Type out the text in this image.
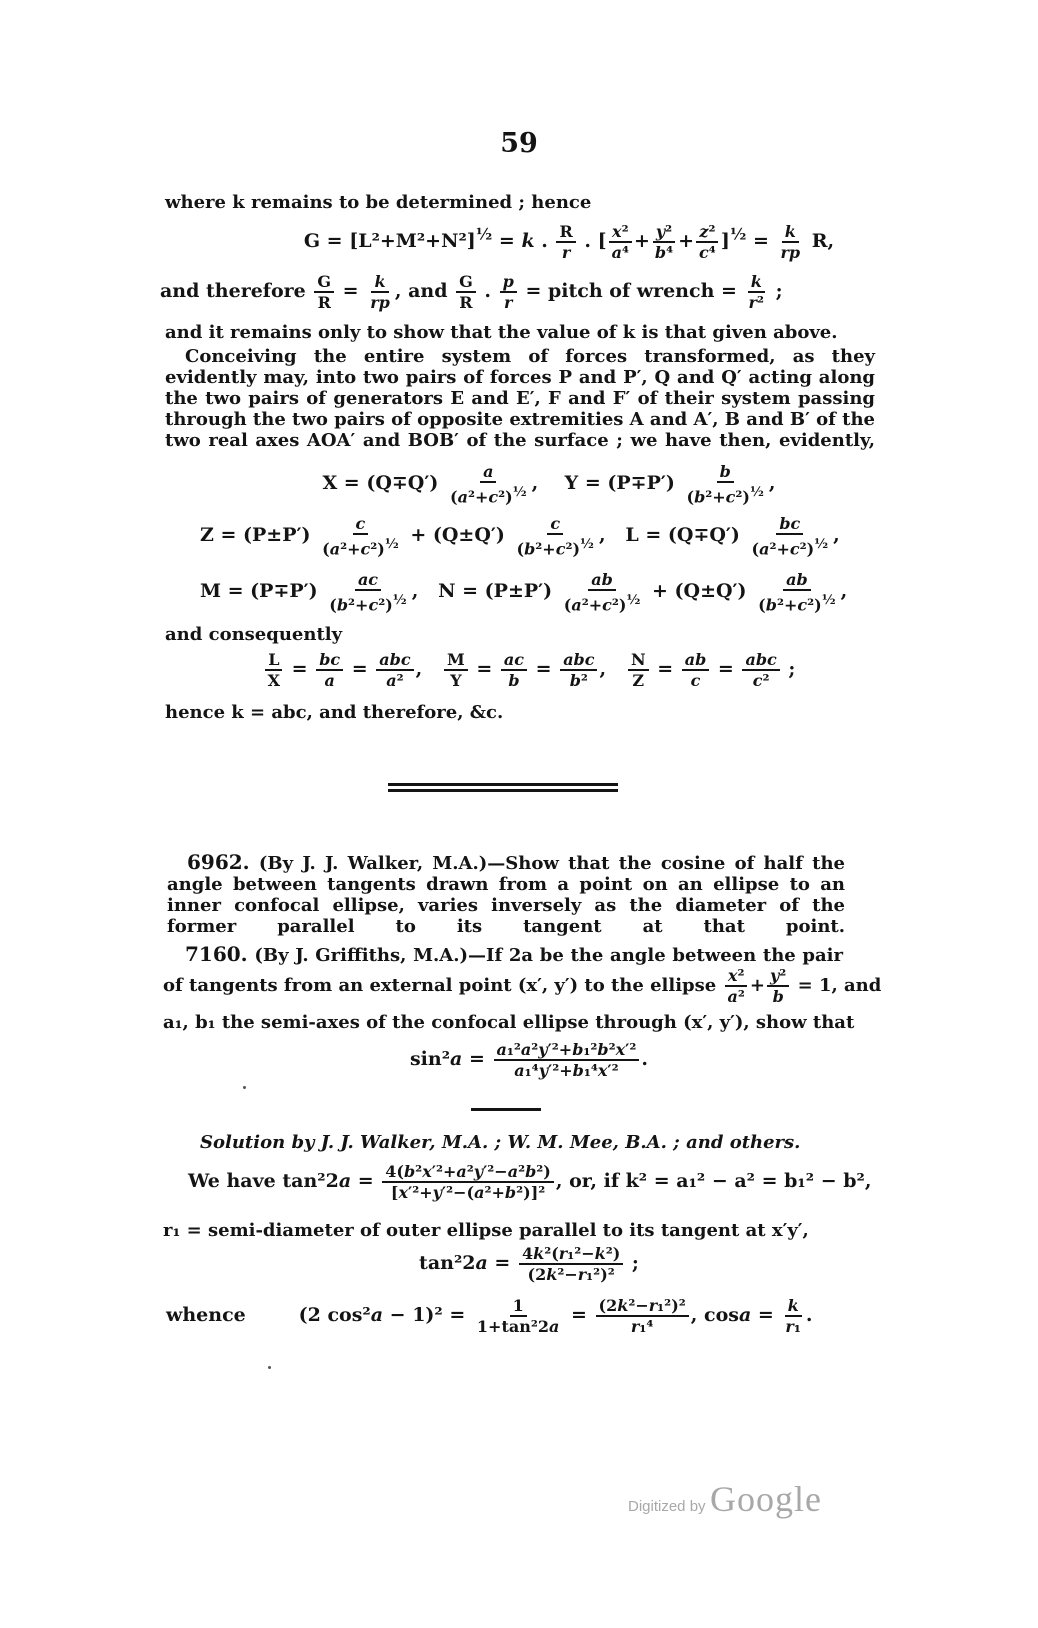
59
where k remains to be determined ; hence
$G = [L^2+M^2+N^2]^{\frac{1}{2}} = k$ . $\frac{R}{r}$ . [ $\frac{\text{x²}}{\text{a⁴}} + \frac{\text{y²}}{\text{b⁴}} + \frac{\text{z²}}{\text{c⁴}} ]^{\frac{1}{2}} = \frac{k}{rp} R$,
and therefore $\frac{G}{R} = \frac{k}{rp}$ , and $\frac{G}{R}$ . $\frac{p}{r}$ = pitch of wrench = $\frac{k}{\text{r²}}$ ;
and it remains only to show that the value of k is that given above.
Conceiving the entire system of forces transformed, as they evidently may, into two pairs of forces P and P′, Q and Q′ acting along the two pairs of generators E and E′, F and F′ of their system passing through the two pairs of opposite extremities A and A′, B and B′ of the two real axes AOA′ and BOB′ of the surface ; we have then, evidently,
$X = (Q\mp Q') \frac{a}{(a^2+c^2)^{\frac{1}{2}}}$ ,    $Y = (P\mp P') \frac{b}{(b^2+c^2)^{\frac{1}{2}}}$ ,
$Z = (P\pm P') \frac{c}{(a^2+c^2)^{\frac{1}{2}}} + (Q\pm Q') \frac{c}{(b^2+c^2)^{\frac{1}{2}}}$ ,   $L = (Q\mp Q') \frac{bc}{(a^2+c^2)^{\frac{1}{2}}}$ ,
$M = (P\mp P') \frac{ac}{(b^2+c^2)^{\frac{1}{2}}}$ ,   $N = (P\pm P') \frac{ab}{(a^2+c^2)^{\frac{1}{2}}} + (Q\pm Q') \frac{ab}{(b^2+c^2)^{\frac{1}{2}}}$ ,
and consequently
$\frac{L}{X} = \frac{bc}{a} = \frac{\text{abc}}{\text{a²}}$ , $\frac{M}{Y} = \frac{ac}{b} = \frac{\text{abc}}{\text{b²}}$ , $\frac{N}{Z} = \frac{ab}{c} = \frac{\text{abc}}{\text{c²}}$ ;
hence k = abc, and therefore, &c.
6962. (By J. J. Walker, M.A.)—Show that the cosine of half the angle between tangents drawn from a point on an ellipse to an inner confocal ellipse, varies inversely as the diameter of the former parallel to its tangent at that point.
7160. (By J. Griffiths, M.A.)—If 2a be the angle between the pair
of tangents from an external point (x′, y′) to the ellipse $\frac{\text{x²}}{\text{a²}} + \frac{\text{y²}}{b} = 1$, and
a₁, b₁ the semi-axes of the confocal ellipse through (x′, y′), show that
$\sin^2a = \frac{\text{a₁²a²y′²+b₁²b²x′²}}{\text{a₁⁴y′²+b₁⁴x′²}}$ .
Solution by J. J. Walker, M.A. ; W. M. Mee, B.A. ; and others.
We have $\tan^22a = \frac{\text{4(b²x′²+a²y′²−a²b²)}}{\text{[x′²+y′²−(a²+b²)]²}}$ , or, if k² = a₁² − a² = b₁² − b²,
r₁ = semi-diameter of outer ellipse parallel to its tangent at x′y′,
$\tan^22a = \frac{\text{4k²(r₁²−k²)}}{\text{(2k²−r₁²)²}}$ ;
whence        (2 $\cos^2a - 1)^2 = \frac{1}{\text{1+tan²2a}} = \frac{\text{(2k²−r₁²)²}}{\text{r₁⁴}}$ , $\cos a = \frac{k}{\text{r₁}}$ .
Digitized by Google
